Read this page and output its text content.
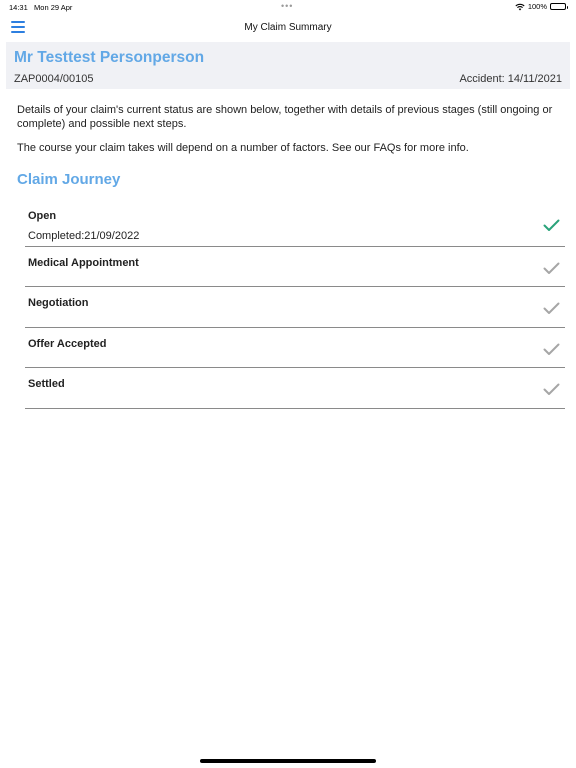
14:31 Mon 29 Apr	•••	100%
My Claim Summary
Mr Testtest Personperson
ZAP0004/00105	Accident: 14/11/2021

Details of your claim's current status are shown below, together with details of previous stages (still ongoing or complete) and possible next steps.

The course your claim takes will depend on a number of factors. See our FAQs for more info.

Claim Journey
Open
Completed:21/09/2022
Medical Appointment
Negotiation
Offer Accepted
Settled
